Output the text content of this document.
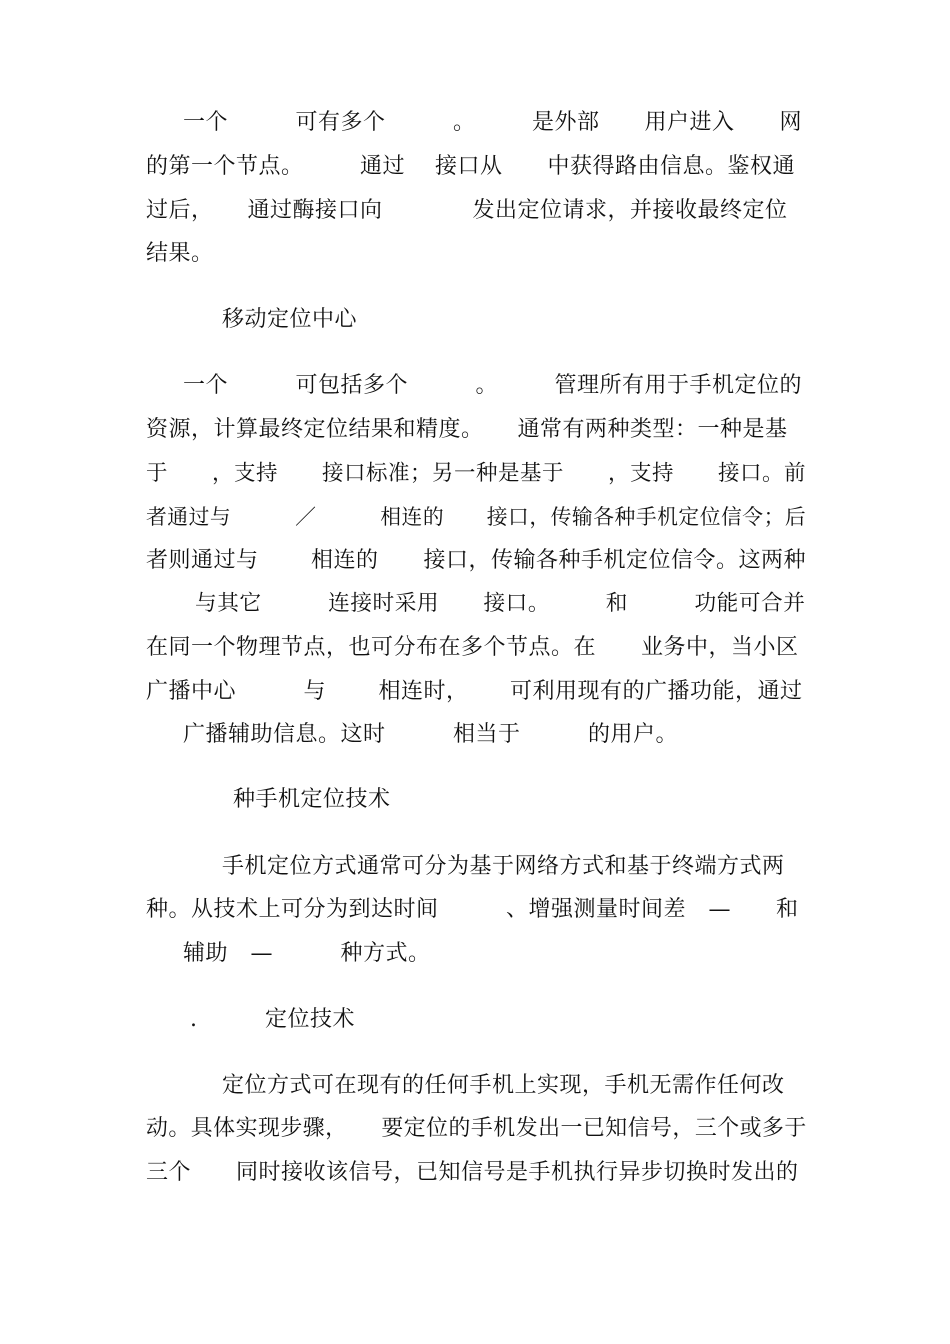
一个　　　可有多个　　　。　　　是外部　　用户进入　　网
的第一个节点。　　　通过　 接口从　　中获得路由信息。鉴权通
过后，　　通过酶接口向　　　　发出定位请求，并接收最终定位
结果。
移动定位中心
一个　　　可包括多个　　　。　　　管理所有用于手机定位的
资源，计算最终定位结果和精度。　　通常有两种类型：一种是基
于　　，支持　　接口标准；另一种是基于　　，支持　　接口。前
者通过与　　　／　　　相连的　　接口，传输各种手机定位信令；后
者则通过与　　 相连的　　接口，传输各种手机定位信令。这两种
与其它　　　连接时采用　　接口。　　　和　　　功能可合并
在同一个物理节点，也可分布在多个节点。在　　业务中，当小区
广播中心　　　与　　 相连时，　　 可利用现有的广播功能，通过
广播辅助信息。这时　　　相当于　　　的用户。
种手机定位技术
手机定位方式通常可分为基于网络方式和基于终端方式两
种。从技术上可分为到达时间　　　、增强测量时间差　—　　和
辅助　—　　　种方式。
.　　　定位技术
定位方式可在现有的任何手机上实现，手机无需作任何改
动。具体实现步骤，　　要定位的手机发出一已知信号，三个或多于
三个　　同时接收该信号，已知信号是手机执行异步切换时发出的
